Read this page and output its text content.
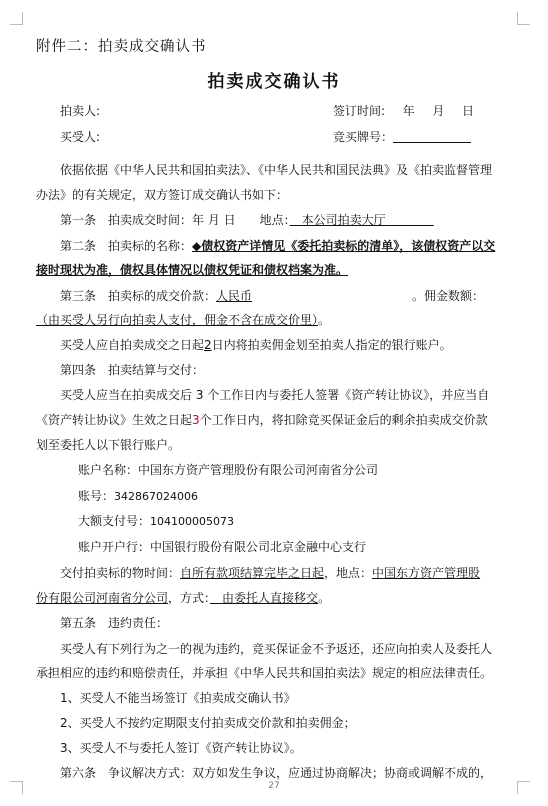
附件二：拍卖成交确认书
拍卖成交确认书
拍卖人:	签订时间: 年 月 日
买受人:	竞买牌号：
依据依据《中华人民共和国拍卖法》、《中华人民共和国民法典》及《拍卖监督管理
办法》的有关规定，双方签订成交确认书如下：
第一条　拍卖成交时间：年 月 日　　地点：　 本公司拍卖大厅　　　　
第二条　拍卖标的名称：◆债权资产详情见《委托拍卖标的清单》，该债权资产以交
接时现状为准，债权具体情况以债权凭证和债权档案为准。
第三条　拍卖标的成交价款：人民币	。佣金数额：
（由买受人另行向拍卖人支付，佣金不含在成交价里）。
买受人应自拍卖成交之日起2日内将拍卖佣金划至拍卖人指定的银行账户。
第四条　拍卖结算与交付：
买受人应当在拍卖成交后 3 个工作日内与委托人签署《资产转让协议》，并应当自
《资产转让协议》生效之日起3个工作日内，将扣除竞买保证金后的剩余拍卖成交价款
划至委托人以下银行账户。
账户名称：中国东方资产管理股份有限公司河南省分公司
账号：342867024006
大额支付号：104100005073
账户开户行：中国银行股份有限公司北京金融中心支行
交付拍卖标的物时间：自所有款项结算完毕之日起，地点：中国东方资产管理股
份有限公司河南省分公司，方式：　 由委托人直接移交。
第五条　违约责任：
买受人有下列行为之一的视为违约，竞买保证金不予返还，还应向拍卖人及委托人
承担相应的违约和赔偿责任，并承担《中华人民共和国拍卖法》规定的相应法律责任。
1、买受人不能当场签订《拍卖成交确认书》
2、买受人不按约定期限支付拍卖成交价款和拍卖佣金；
3、买受人不与委托人签订《资产转让协议》。
第六条　争议解决方式：双方如发生争议，应通过协商解决；协商或调解不成的，
27
